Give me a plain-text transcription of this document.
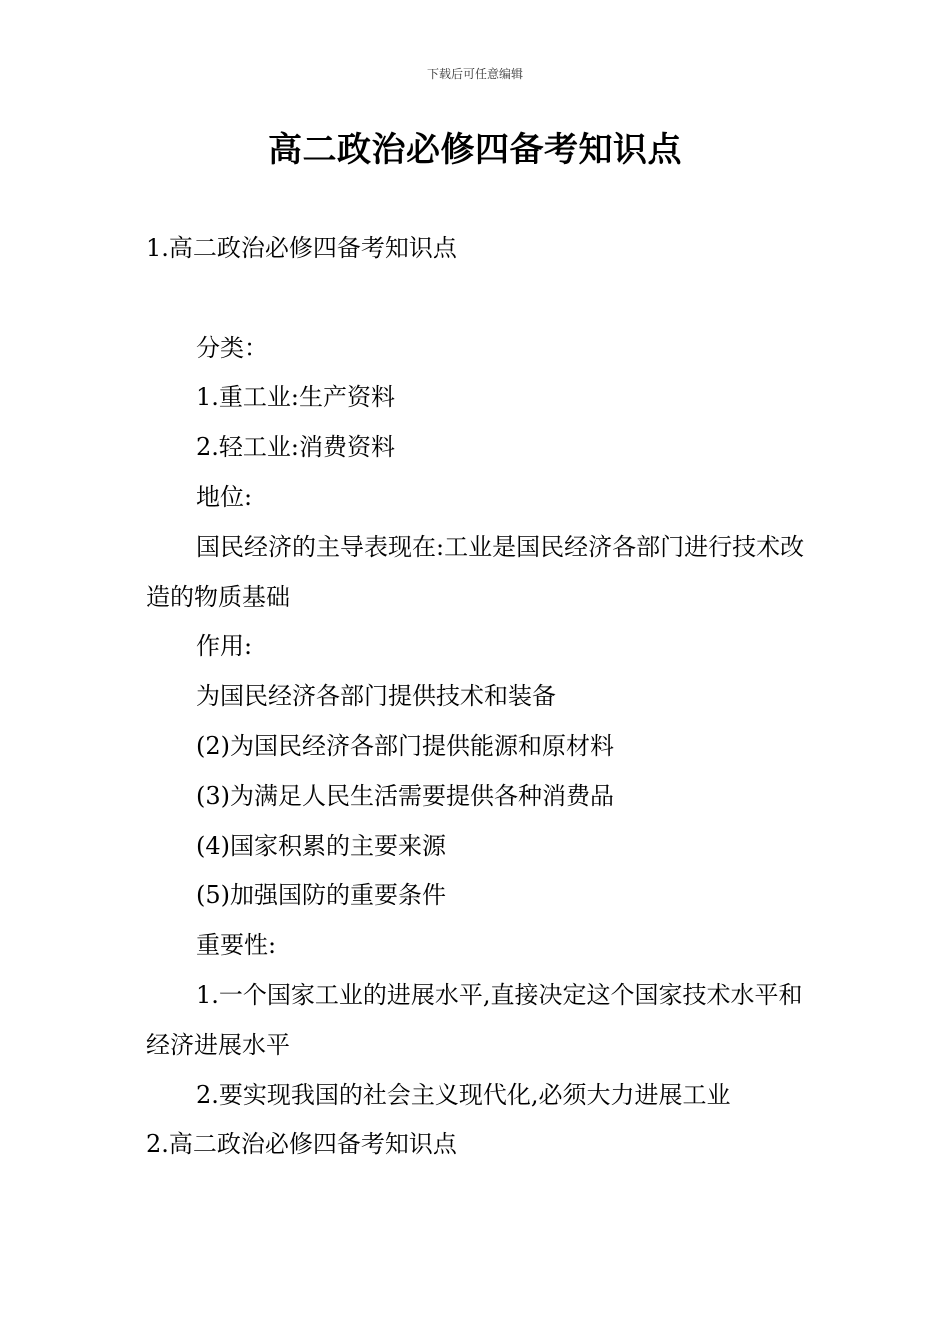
下载后可任意编辑
高二政治必修四备考知识点

1.高二政治必修四备考知识点

分类：

1.重工业:生产资料

2.轻工业:消费资料

地位:

国民经济的主导表现在:工业是国民经济各部门进行技术改造的物质基础

作用:

为国民经济各部门提供技术和装备

(2)为国民经济各部门提供能源和原材料

(3)为满足人民生活需要提供各种消费品

(4)国家积累的主要来源

(5)加强国防的重要条件

重要性:

1.一个国家工业的进展水平,直接决定这个国家技术水平和经济进展水平

2.要实现我国的社会主义现代化,必须大力进展工业

2.高二政治必修四备考知识点
